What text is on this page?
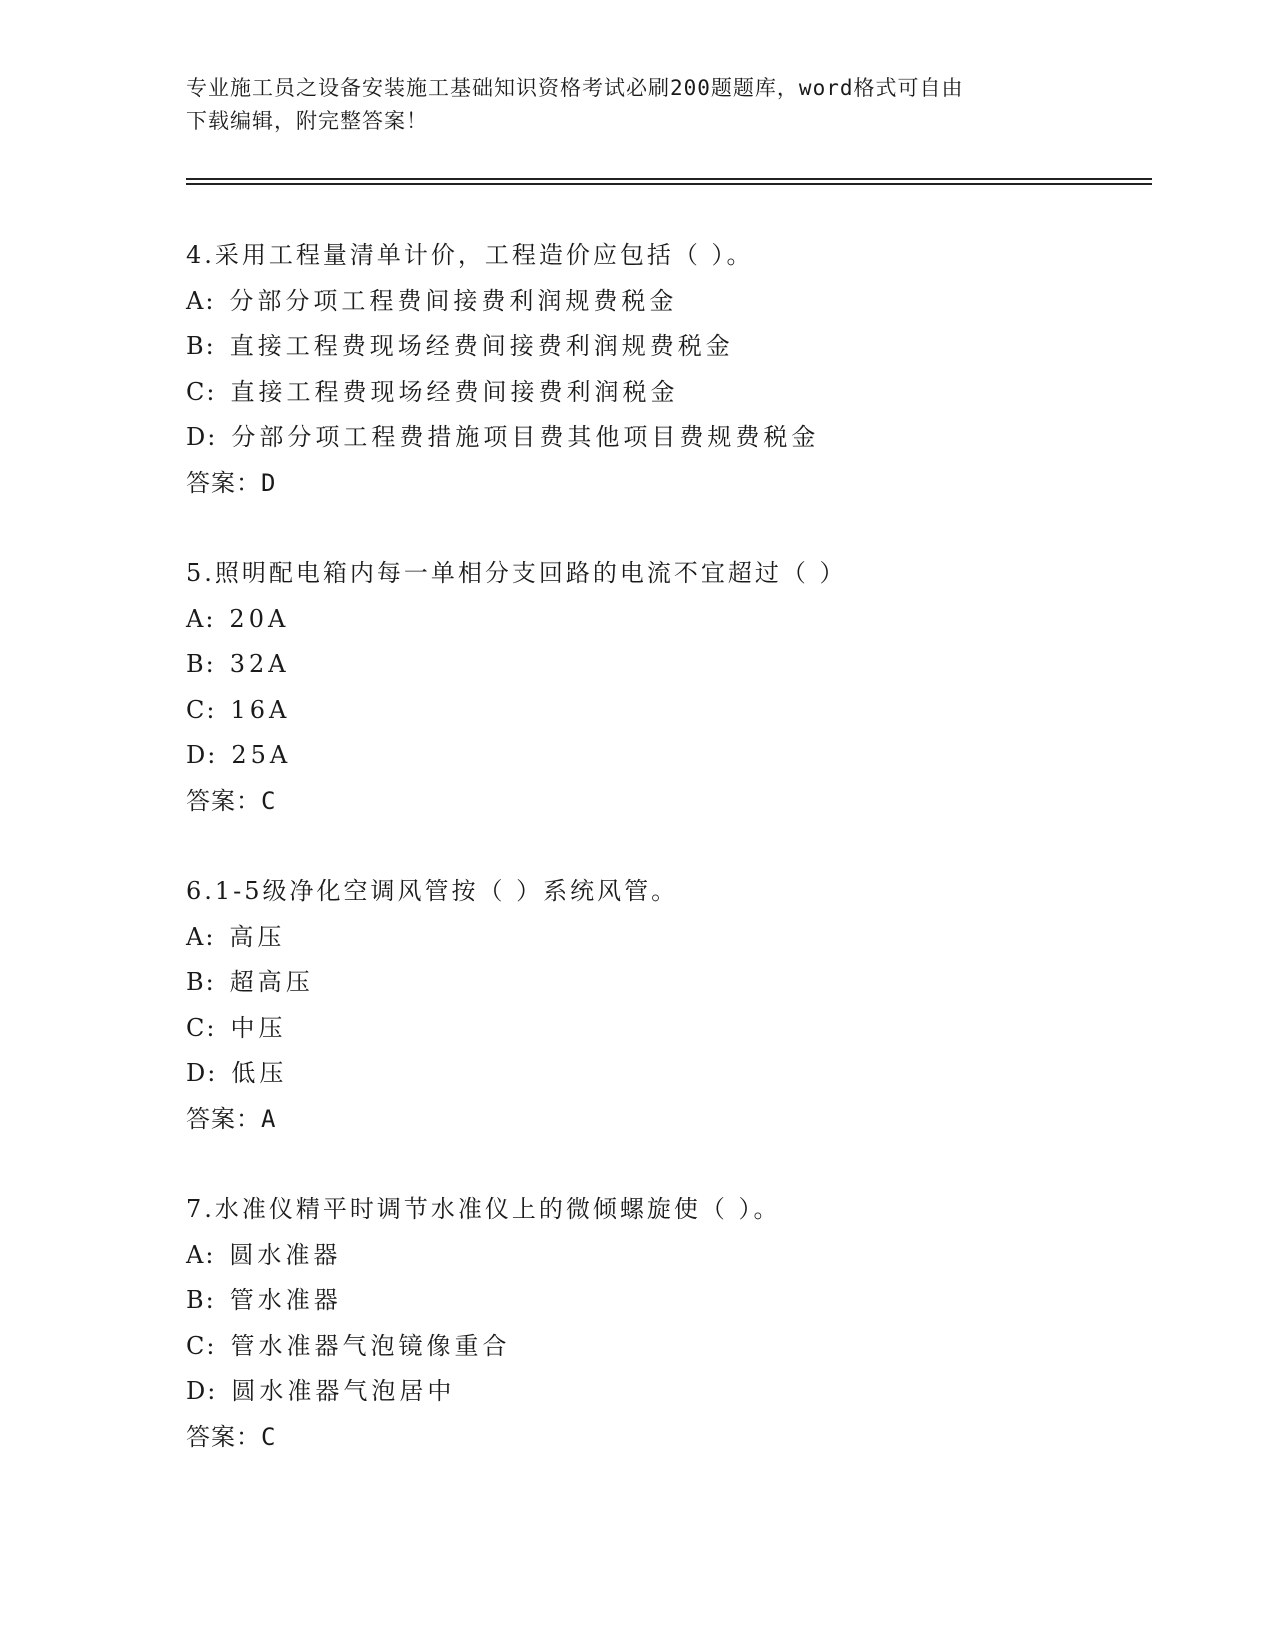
专业施工员之设备安装施工基础知识资格考试必刷200题题库，word格式可自由
下载编辑，附完整答案！
4.采用工程量清单计价，工程造价应包括（ ）。
A: 分部分项工程费间接费利润规费税金
B: 直接工程费现场经费间接费利润规费税金
C: 直接工程费现场经费间接费利润税金
D: 分部分项工程费措施项目费其他项目费规费税金
答案：D
5.照明配电箱内每一单相分支回路的电流不宜超过（ ）
A: 20A
B: 32A
C: 16A
D: 25A
答案：C
6.1-5级净化空调风管按（ ）系统风管。
A: 高压
B: 超高压
C: 中压
D: 低压
答案：A
7.水准仪精平时调节水准仪上的微倾螺旋使（ ）。
A: 圆水准器
B: 管水准器
C: 管水准器气泡镜像重合
D: 圆水准器气泡居中
答案：C
